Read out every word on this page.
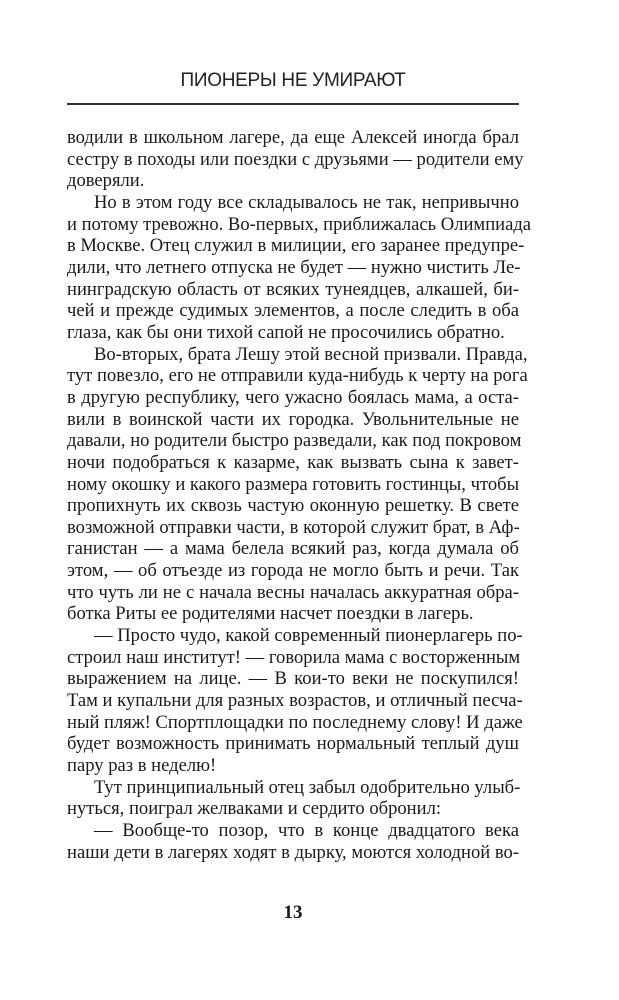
ПИОНЕРЫ НЕ УМИРАЮТ
водили в школьном лагере, да еще Алексей иногда брал
сестру в походы или поездки с друзьями — родители ему
доверяли.
Но в этом году все складывалось не так, непривычно
и потому тревожно. Во-первых, приближалась Олимпиада
в Москве. Отец служил в милиции, его заранее предупре-
дили, что летнего отпуска не будет — нужно чистить Ле-
нинградскую область от всяких тунеядцев, алкашей, би-
чей и прежде судимых элементов, а после следить в оба
глаза, как бы они тихой сапой не просочились обратно.
Во-вторых, брата Лешу этой весной призвали. Правда,
тут повезло, его не отправили куда-нибудь к черту на рога
в другую республику, чего ужасно боялась мама, а оста-
вили в воинской части их городка. Увольнительные не
давали, но родители быстро разведали, как под покровом
ночи подобраться к казарме, как вызвать сына к завет-
ному окошку и какого размера готовить гостинцы, чтобы
пропихнуть их сквозь частую оконную решетку. В свете
возможной отправки части, в которой служит брат, в Аф-
ганистан — а мама белела всякий раз, когда думала об
этом, — об отъезде из города не могло быть и речи. Так
что чуть ли не с начала весны началась аккуратная обра-
ботка Риты ее родителями насчет поездки в лагерь.
— Просто чудо, какой современный пионерлагерь по-
строил наш институт! — говорила мама с восторженным
выражением на лице. — В кои-то веки не поскупился!
Там и купальни для разных возрастов, и отличный песча-
ный пляж! Спортплощадки по последнему слову! И даже
будет возможность принимать нормальный теплый душ
пару раз в неделю!
Тут принципиальный отец забыл одобрительно улыб-
нуться, поиграл желваками и сердито обронил:
— Вообще-то позор, что в конце двадцатого века
наши дети в лагерях ходят в дырку, моются холодной во-
13
